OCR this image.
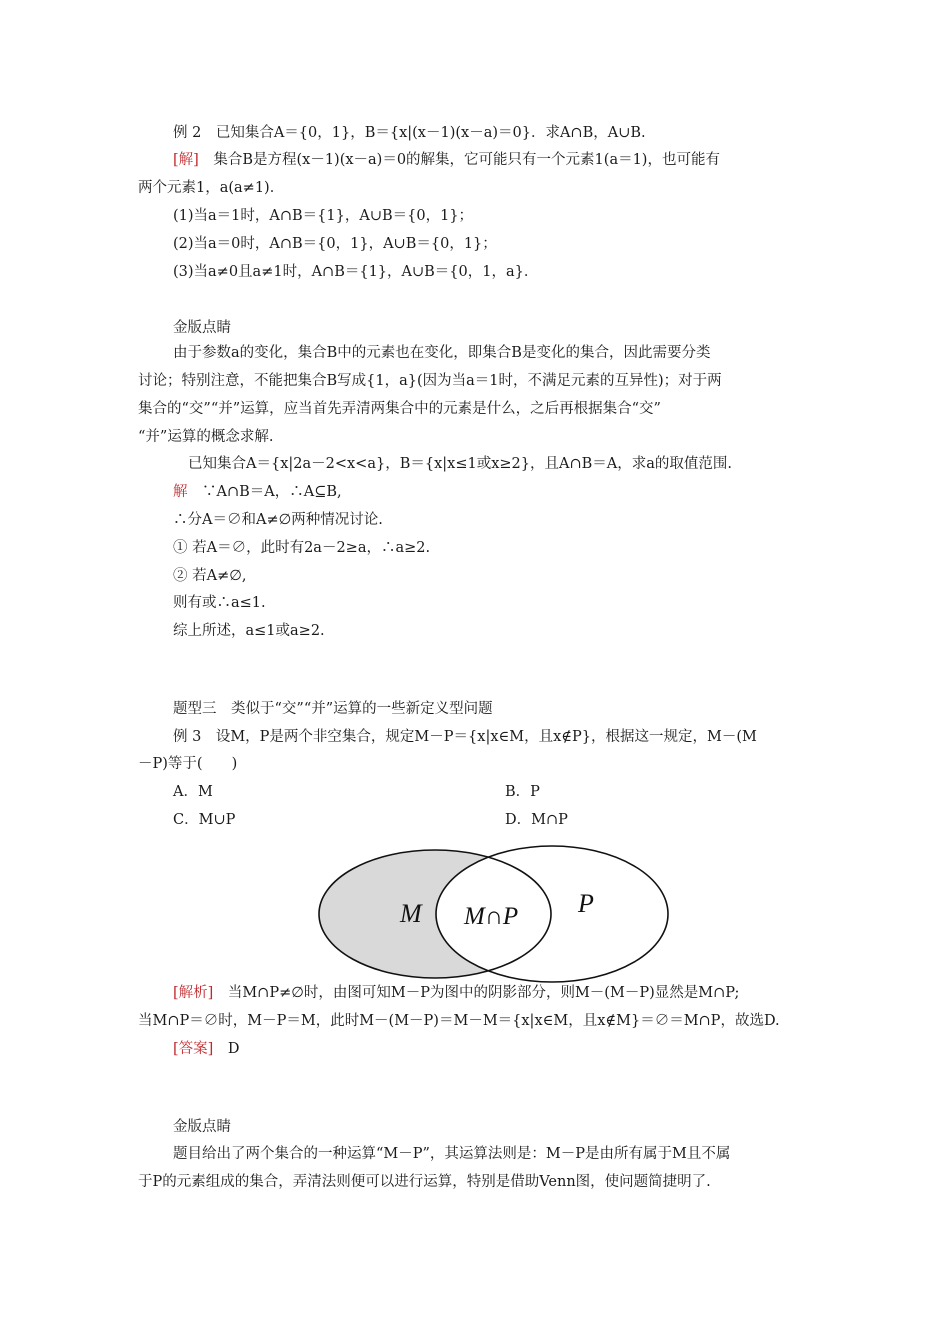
例 2　已知集合A＝{0，1}，B＝{x|(x－1)(x－a)＝0}．求A∩B，A∪B.
[解]　集合B是方程(x－1)(x－a)＝0的解集，它可能只有一个元素1(a＝1)，也可能有
两个元素1，a(a≠1)．
(1)当a＝1时，A∩B＝{1}，A∪B＝{0，1}；
(2)当a＝0时，A∩B＝{0，1}，A∪B＝{0，1}；
(3)当a≠0且a≠1时，A∩B＝{1}，A∪B＝{0，1，a}．
金版点睛
由于参数a的变化，集合B中的元素也在变化，即集合B是变化的集合，因此需要分类
讨论；特别注意，不能把集合B写成{1，a}(因为当a＝1时，不满足元素的互异性)；对于两
集合的“交”“并”运算，应当首先弄清两集合中的元素是什么，之后再根据集合“交”
“并”运算的概念求解.
已知集合A＝{x|2a－2<x<a}，B＝{x|x≤1或x≥2}，且A∩B＝A，求a的取值范围.
解　∵A∩B＝A，∴A⊆B,
∴分A＝∅和A≠∅两种情况讨论.
① 若A＝∅，此时有2a－2≥a，∴a≥2.
② 若A≠∅,
则有或∴a≤1.
综上所述，a≤1或a≥2.
题型三　类似于“交”“并”运算的一些新定义型问题
例 3　设M，P是两个非空集合，规定M－P＝{x|x∈M，且x∉P}，根据这一规定，M－(M
－P)等于(　　)
A．M	B．P
C．M∪P	D．M∩P
M M∩P P
[解析]　当M∩P≠∅时，由图可知M－P为图中的阴影部分，则M－(M－P)显然是M∩P;
当M∩P＝∅时，M－P＝M，此时M－(M－P)＝M－M＝{x|x∈M，且x∉M}＝∅＝M∩P，故选D.
[答案]　D
金版点睛
题目给出了两个集合的一种运算“M－P”，其运算法则是：M－P是由所有属于M且不属
于P的元素组成的集合，弄清法则便可以进行运算，特别是借助Venn图，使问题简捷明了.
